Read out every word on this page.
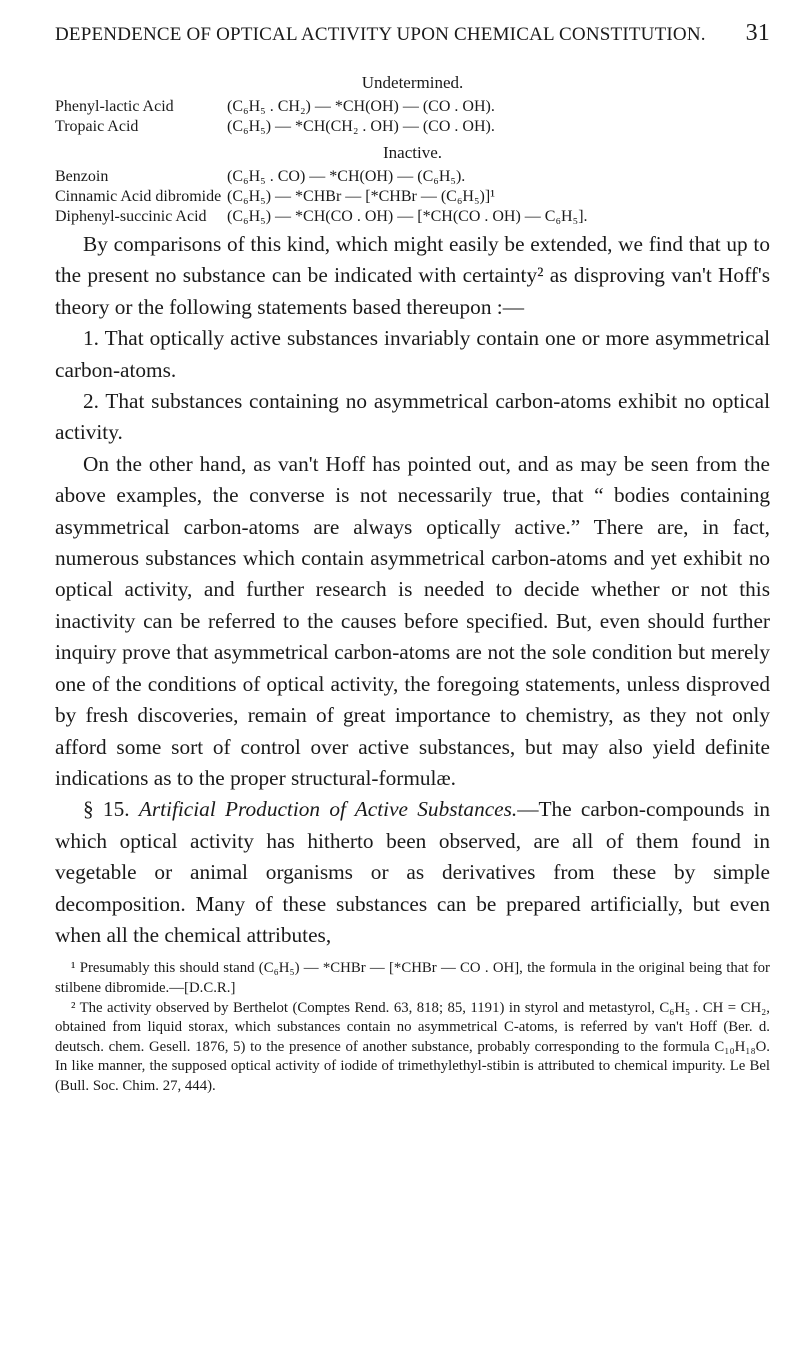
DEPENDENCE OF OPTICAL ACTIVITY UPON CHEMICAL CONSTITUTION. 31
Undetermined.
Phenyl-lactic Acid	(C₆H₅ . CH₂) — *CH(OH) — (CO . OH).
Tropaic Acid	(C₆H₅) — *CH(CH₂ . OH) — (CO . OH).
Inactive.
Benzoin	(C₆H₅ . CO) — *CH(OH) — (C₆H₅).
Cinnamic Acid dibromide	(C₆H₅) — *CHBr — [*CHBr — (C₆H₅)]¹
Diphenyl-succinic Acid	(C₆H₅) — *CH(CO . OH) — [*CH(CO . OH) — C₆H₅].

By comparisons of this kind, which might easily be extended, we find that up to the present no substance can be indicated with certainty² as disproving van't Hoff's theory or the following statements based thereupon :—

1. That optically active substances invariably contain one or more asymmetrical carbon-atoms.
2. That substances containing no asymmetrical carbon-atoms exhibit no optical activity.

On the other hand, as van't Hoff has pointed out, and as may be seen from the above examples, the converse is not necessarily true, that “ bodies containing asymmetrical carbon-atoms are always optically active.” There are, in fact, numerous substances which contain asymmetrical carbon-atoms and yet exhibit no optical activity, and further research is needed to decide whether or not this inactivity can be referred to the causes before specified. But, even should further inquiry prove that asymmetrical carbon-atoms are not the sole condition but merely one of the conditions of optical activity, the foregoing statements, unless disproved by fresh discoveries, remain of great importance to chemistry, as they not only afford some sort of control over active substances, but may also yield definite indications as to the proper structural-formulæ.

§ 15. Artificial Production of Active Substances.—The carbon-compounds in which optical activity has hitherto been observed, are all of them found in vegetable or animal organisms or as derivatives from these by simple decomposition. Many of these substances can be prepared artificially, but even when all the chemical attributes,

¹ Presumably this should stand (C₆H₅) — *CHBr — [*CHBr — CO . OH], the formula in the original being that for stilbene dibromide.—[D.C.R.]

² The activity observed by Berthelot (Comptes Rend. 63, 818; 85, 1191) in styrol and metastyrol, C₆H₅ . CH = CH₂, obtained from liquid storax, which substances contain no asymmetrical C-atoms, is referred by van't Hoff (Ber. d. deutsch. chem. Gesell. 1876, 5) to the presence of another substance, probably corresponding to the formula C₁₀H₁₈O. In like manner, the supposed optical activity of iodide of trimethylethyl-stibin is attributed to chemical impurity. Le Bel (Bull. Soc. Chim. 27, 444).
